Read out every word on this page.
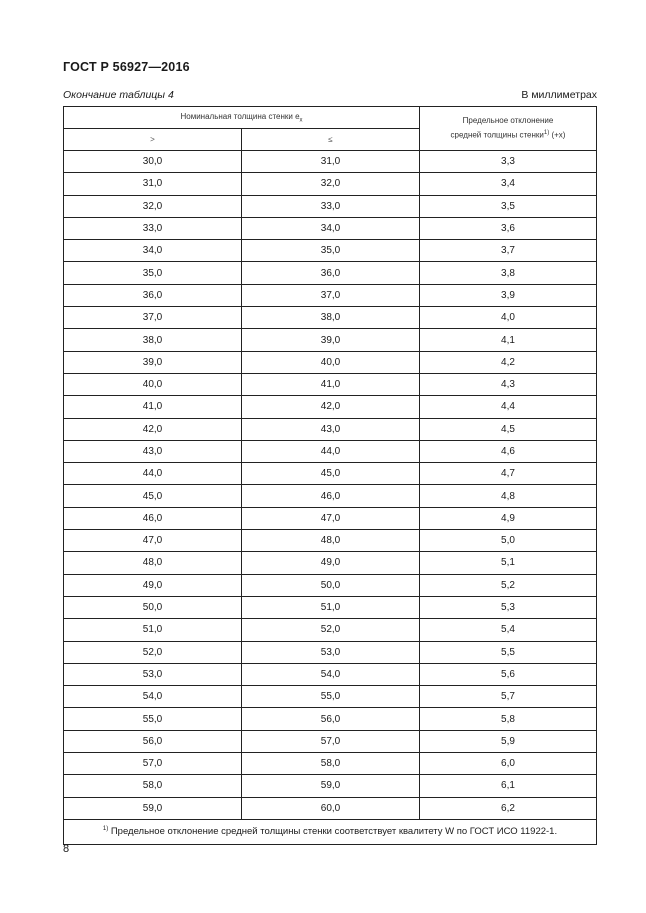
ГОСТ Р 56927—2016
Окончание таблицы 4	В миллиметрах
Номинальная толщина стенки $e_x$		Предельное отклонение
средней толщины стенки$^{1)}$ (+x)
>	≤	
30,0	31,0	3,3
31,0	32,0	3,4
32,0	33,0	3,5
33,0	34,0	3,6
34,0	35,0	3,7
35,0	36,0	3,8
36,0	37,0	3,9
37,0	38,0	4,0
38,0	39,0	4,1
39,0	40,0	4,2
40,0	41,0	4,3
41,0	42,0	4,4
42,0	43,0	4,5
43,0	44,0	4,6
44,0	45,0	4,7
45,0	46,0	4,8
46,0	47,0	4,9
47,0	48,0	5,0
48,0	49,0	5,1
49,0	50,0	5,2
50,0	51,0	5,3
51,0	52,0	5,4
52,0	53,0	5,5
53,0	54,0	5,6
54,0	55,0	5,7
55,0	56,0	5,8
56,0	57,0	5,9
57,0	58,0	6,0
58,0	59,0	6,1
59,0	60,0	6,2
$^{1)}$ Предельное отклонение средней толщины стенки соответствует квалитету W по ГОСТ ИСО 11922-1.		
8
